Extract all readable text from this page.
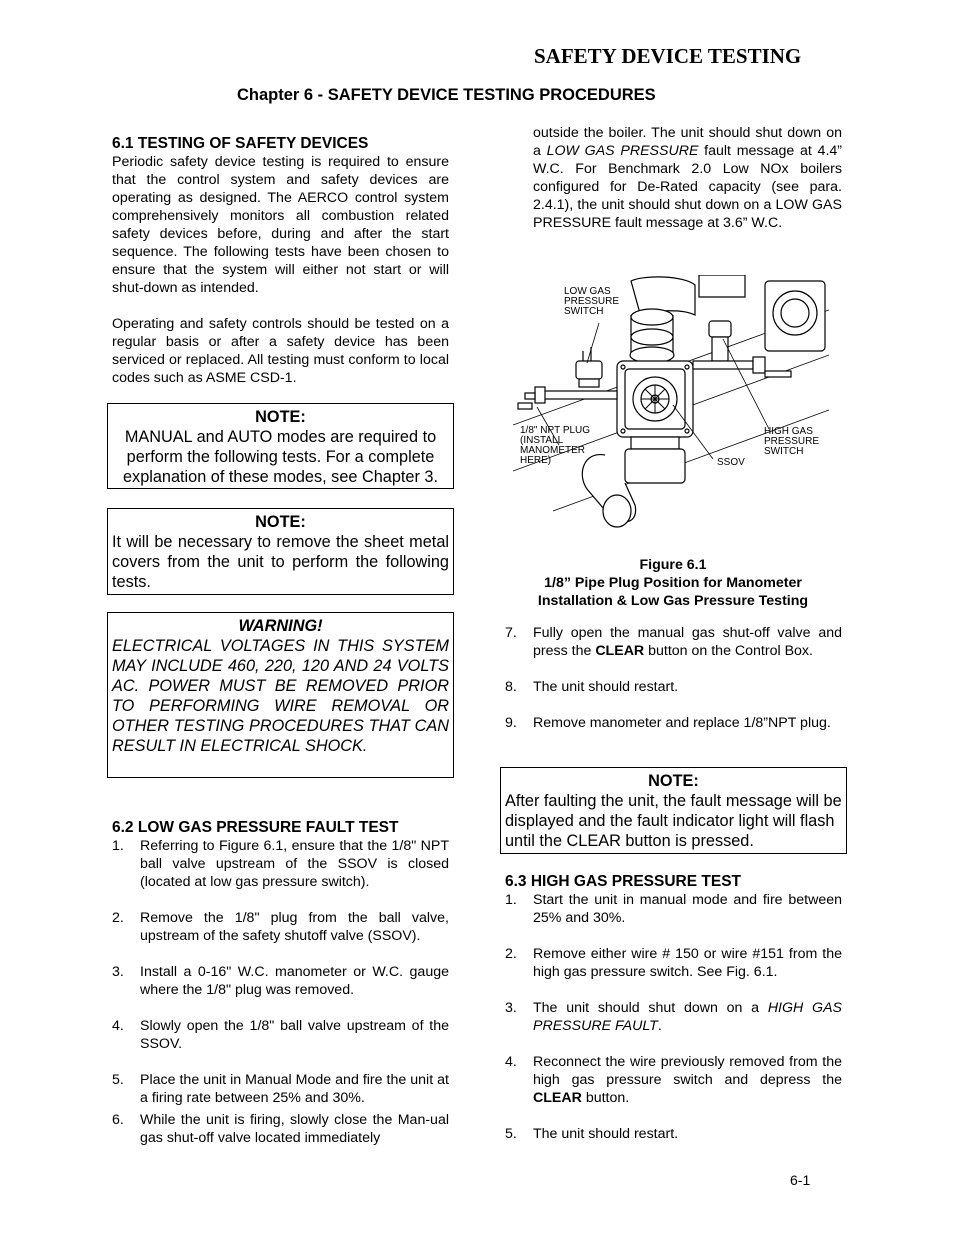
SAFETY DEVICE TESTING
Chapter 6 - SAFETY DEVICE TESTING PROCEDURES

6.1 TESTING OF SAFETY DEVICES

Periodic safety device testing is required to ensure that the control system and safety devices are operating as designed. The AERCO control system comprehensively monitors all combustion related safety devices before, during and after the start sequence. The following tests have been chosen to ensure that the system will either not start or will shut-down as intended.

Operating and safety controls should be tested on a regular basis or after a safety device has been serviced or replaced. All testing must conform to local codes such as ASME CSD-1.

NOTE:
MANUAL and AUTO modes are required to perform the following tests. For a complete explanation of these modes, see Chapter 3.
NOTE:

It will be necessary to remove the sheet metal covers from the unit to perform the following tests.

WARNING!

ELECTRICAL VOLTAGES IN THIS SYSTEM MAY INCLUDE 460, 220, 120 AND 24 VOLTS AC. POWER MUST BE REMOVED PRIOR TO PERFORMING WIRE REMOVAL OR OTHER TESTING PROCEDURES THAT CAN RESULT IN ELECTRICAL SHOCK.

6.2 LOW GAS PRESSURE FAULT TEST

1. Referring to Figure 6.1, ensure that the 1/8" NPT ball valve upstream of the SSOV is closed (located at low gas pressure switch).
2. Remove the 1/8" plug from the ball valve, upstream of the safety shutoff valve (SSOV).
3. Install a 0-16" W.C. manometer or W.C. gauge where the 1/8" plug was removed.
4. Slowly open the 1/8" ball valve upstream of the SSOV.
5. Place the unit in Manual Mode and fire the unit at a firing rate between 25% and 30%.
6. While the unit is firing, slowly close the Man-ual gas shut-off valve located immediately

outside the boiler. The unit should shut down on a LOW GAS PRESSURE fault message at 4.4” W.C. For Benchmark 2.0 Low NOx boilers configured for De-Rated capacity (see para. 2.4.1), the unit should shut down on a LOW GAS PRESSURE fault message at 3.6” W.C.

LOW GAS
PRESSURE
SWITCH
1/8" NPT PLUG
(INSTALL
MANOMETER
HERE)	SSOV
HIGH GAS
PRESSURE
SWITCH
Figure 6.1
1/8” Pipe Plug Position for Manometer
Installation & Low Gas Pressure Testing
7. Fully open the manual gas shut-off valve and press the CLEAR button on the Control Box.
8. The unit should restart.
9. Remove manometer and replace 1/8”NPT plug.
NOTE:

After faulting the unit, the fault message will be displayed and the fault indicator light will flash until the CLEAR button is pressed.

6.3 HIGH GAS PRESSURE TEST

1. Start the unit in manual mode and fire between 25% and 30%.
2. Remove either wire # 150 or wire #151 from the high gas pressure switch. See Fig. 6.1.
3. The unit should shut down on a HIGH GAS PRESSURE FAULT.
4. Reconnect the wire previously removed from the high gas pressure switch and depress the CLEAR button.
5. The unit should restart.
6-1
